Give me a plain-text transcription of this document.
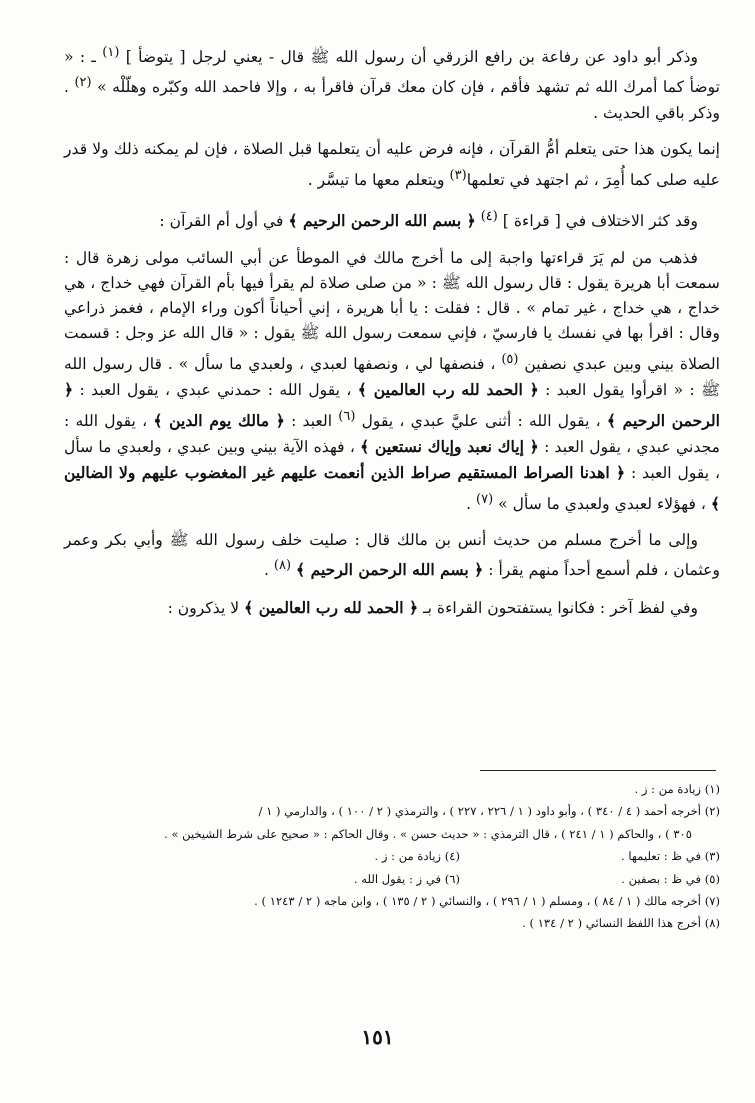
وذكر أبو داود عن رفاعة بن رافع الزرقي أن رسول الله ﷺ قال - يعني لرجل [ يتوضأ ] $^{(١)}$ ـ : « توضأ كما أمرك الله ثم تشهد فأقم ، فإن كان معك قرآن فاقرأ به ، وإلا فاحمد الله وكبّره وهلّلْه » $^{(٢)}$ . وذكر باقي الحديث .

إنما يكون هذا حتى يتعلم أمُّ القرآن ، فإنه فرض عليه أن يتعلمها قبل الصلاة ، فإن لم يمكنه ذلك ولا قدر عليه صلى كما أُمِرَ ، ثم اجتهد في تعلمها$^{(٣)}$ ويتعلم معها ما تيسَّر .

وقد كثر الاختلاف في [ قراءة ] $^{(٤)}$ ﴿ بسم الله الرحمن الرحيم ﴾ في أول أم القرآن :

فذهب من لم يَرَ قراءتها واجبة إلى ما أخرج مالك في الموطأ عن أبي السائب مولى زهرة قال : سمعت أبا هريرة يقول : قال رسول الله ﷺ : « من صلى صلاة لم يقرأ فيها بأم القرآن فهي خداج ، هي خداج ، هي خداج ، غير تمام » . قال : فقلت : يا أبا هريرة ، إني أحياناً أكون وراء الإمام ، فغمز ذراعي وقال : اقرأ بها في نفسك يا فارسيّ ، فإني سمعت رسول الله ﷺ يقول : « قال الله عز وجل : قسمت الصلاة بيني وبين عبدي نصفين $^{(٥)}$ ، فنصفها لي ، ونصفها لعبدي ، ولعبدي ما سأل » . قال رسول الله ﷺ : « اقرأوا يقول العبد : ﴿ الحمد لله رب العالمين ﴾ ، يقول الله : حمدني عبدي ، يقول العبد : ﴿ الرحمن الرحيم ﴾ ، يقول الله : أثنى عليَّ عبدي ، يقول $^{(٦)}$ العبد : ﴿ مالك يوم الدين ﴾ ، يقول الله : مجدني عبدي ، يقول العبد : ﴿ إياك نعبد وإياك نستعين ﴾ ، فهذه الآية بيني وبين عبدي ، ولعبدي ما سأل ، يقول العبد : ﴿ اهدنا الصراط المستقيم صراط الذين أنعمت عليهم غير المغضوب عليهم ولا الضالين ﴾ ، فهؤلاء لعبدي ولعبدي ما سأل » $^{(٧)}$ .

وإلى ما أخرج مسلم من حديث أنس بن مالك قال : صليت خلف رسول الله ﷺ وأبي بكر وعمر وعثمان ، فلم أسمع أحداً منهم يقرأ : ﴿ بسم الله الرحمن الرحيم ﴾ $^{(٨)}$ .

وفي لفظ آخر : فكانوا يستفتحون القراءة بـ ﴿ الحمد لله رب العالمين ﴾ لا يذكرون :

(١) زيادة من : ز .

(٢) أخرجه أحمد ( ٤ / ٣٤٠ ) ، وأبو داود ( ١ / ٢٢٦ ، ٢٢٧ ) ، والترمذي ( ٢ / ١٠٠ ) ، والدارمي ( ١ /

٣٠٥ ) ، والحاكم ( ١ / ٢٤١ ) ، قال الترمذي : « حديث حسن » . وقال الحاكم : « صحيح على شرط الشيخين » .

(٣) في ظ : تعليمها .
(٤) زيادة من : ز .
(٥) في ظ : بصفين .
(٦) في ز : يقول الله .

(٧) أخرجه مالك ( ١ / ٨٤ ) ، ومسلم ( ١ / ٢٩٦ ) ، والنسائي ( ٢ / ١٣٥ ) ، وابن ماجه ( ٢ / ١٢٤٣ ) .

(٨) أخرج هذا اللفظ النسائي ( ٢ / ١٣٤ ) .

١٥١
